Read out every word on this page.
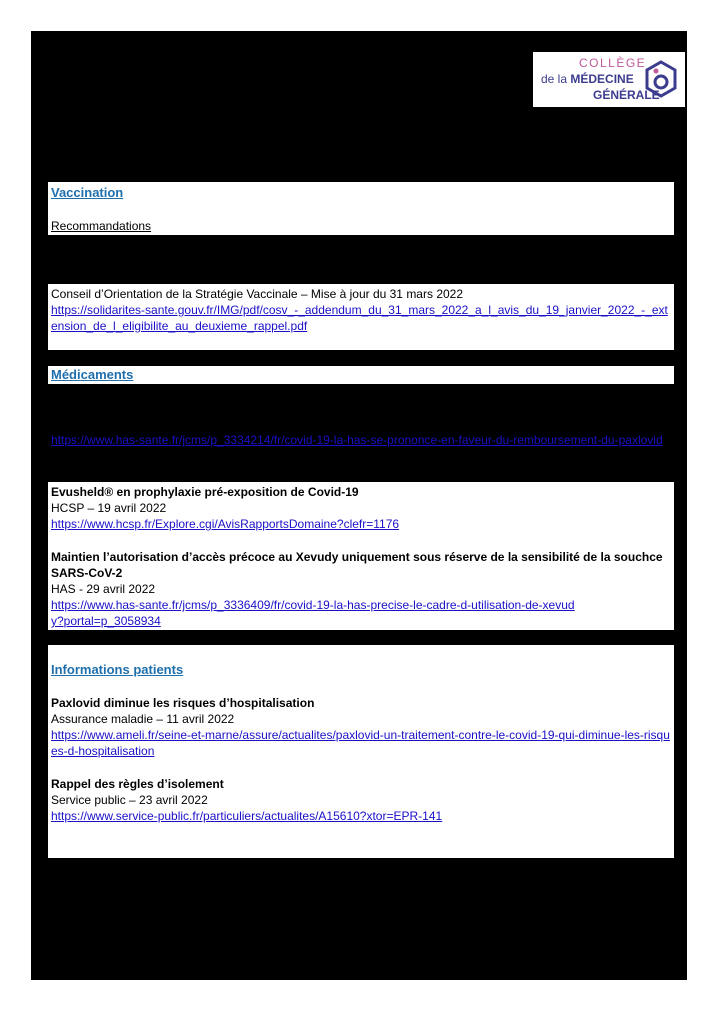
COLLÈGE
de la MÉDECINE
GÉNÉRALE
Vaccination
Recommandations
Conseil d’Orientation de la Stratégie Vaccinale – Mise à jour du 31 mars 2022
https://solidarites-sante.gouv.fr/IMG/pdf/cosv_-_addendum_du_31_mars_2022_a_l_avis_du_19_janvier_2022_-_extension_de_l_eligibilite_au_deuxieme_rappel.pdf
Médicaments
https://www.has-sante.fr/jcms/p_3334214/fr/covid-19-la-has-se-prononce-en-faveur-du-remboursement-du-paxlovid
Evusheld® en prophylaxie pré-exposition de Covid-19
HCSP – 19 avril 2022
https://www.hcsp.fr/Explore.cgi/AvisRapportsDomaine?clefr=1176
Maintien l’autorisation d’accès précoce au Xevudy uniquement sous réserve de la sensibilité de la souchce SARS-CoV-2
HAS - 29 avril 2022
https://www.has-sante.fr/jcms/p_3336409/fr/covid-19-la-has-precise-le-cadre-d-utilisation-de-xevudy?portal=p_3058934
Informations patients
Paxlovid diminue les risques d’hospitalisation
Assurance maladie – 11 avril 2022
https://www.ameli.fr/seine-et-marne/assure/actualites/paxlovid-un-traitement-contre-le-covid-19-qui-diminue-les-risques-d-hospitalisation
Rappel des règles d’isolement
Service public – 23 avril 2022
https://www.service-public.fr/particuliers/actualites/A15610?xtor=EPR-141
